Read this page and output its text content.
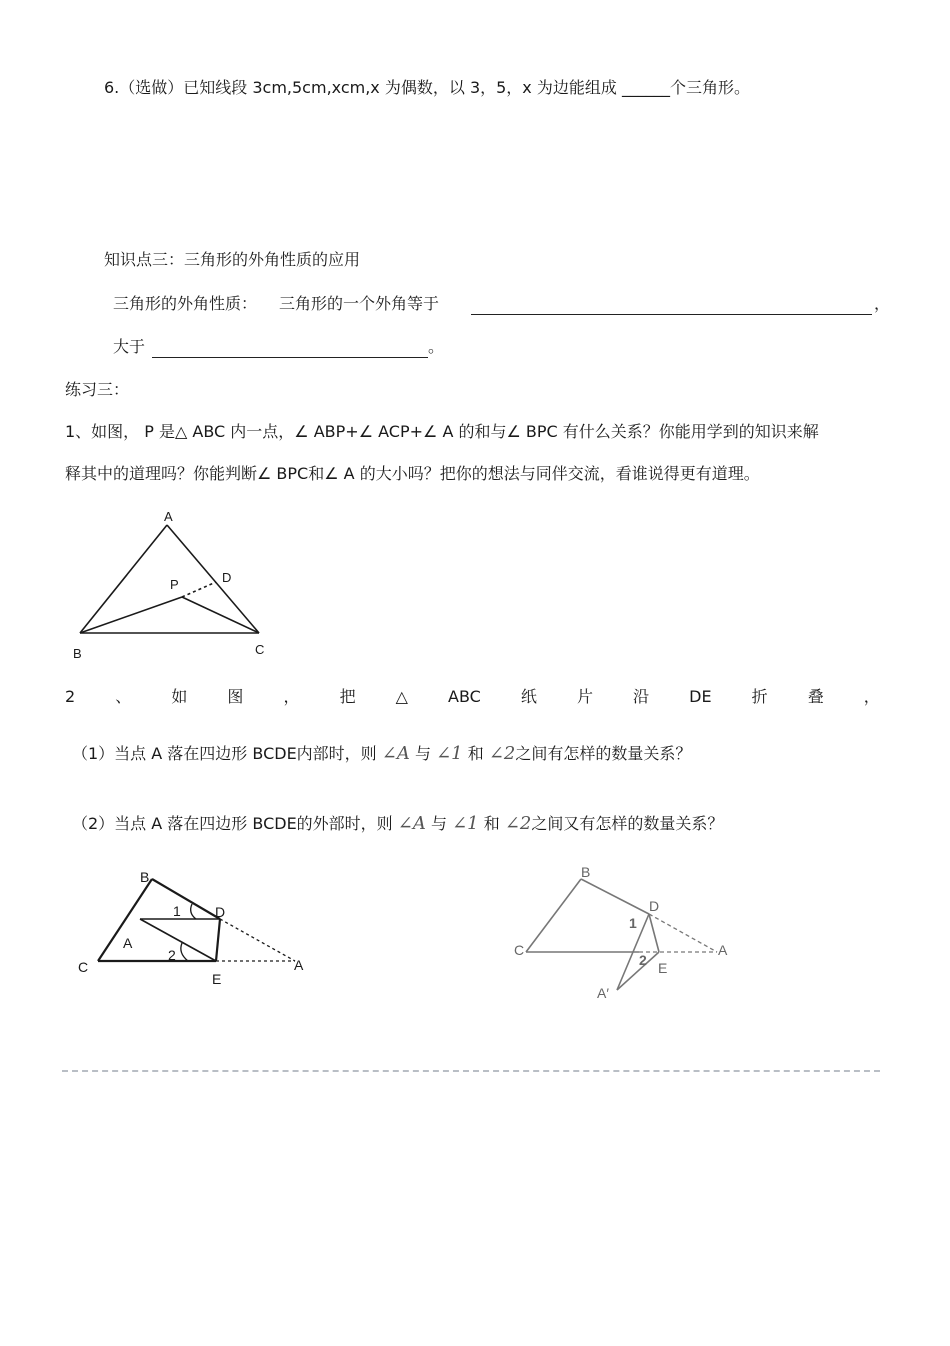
6.（选做）已知线段 3cm,5cm,xcm,x 为偶数，以 3，5，x 为边能组成 ______个三角形。
知识点三：三角形的外角性质的应用
三角形的外角性质： 三角形的一个外角等于	，
大于	。
练习三：
1、如图， P 是△ ABC 内一点，∠ ABP+∠ ACP+∠ A 的和与∠ BPC 有什么关系？你能用学到的知识来解
释其中的道理吗？你能判断∠ BPC和∠ A 的大小吗？把你的想法与同伴交流，看谁说得更有道理。
A
P	D
B	C
2	、	如	图	，	把	△	ABC	纸	片	沿	DE	折	叠	，
（1）当点 A 落在四边形 BCDE内部时，则 ∠A 与 ∠1 和 ∠2之间有怎样的数量关系？
（2）当点 A 落在四边形 BCDE的外部时，则 ∠A 与 ∠1 和 ∠2之间又有怎样的数量关系？
B
1 D
A
2
C	A
E
B
D
1
C	A
2 E
A′
